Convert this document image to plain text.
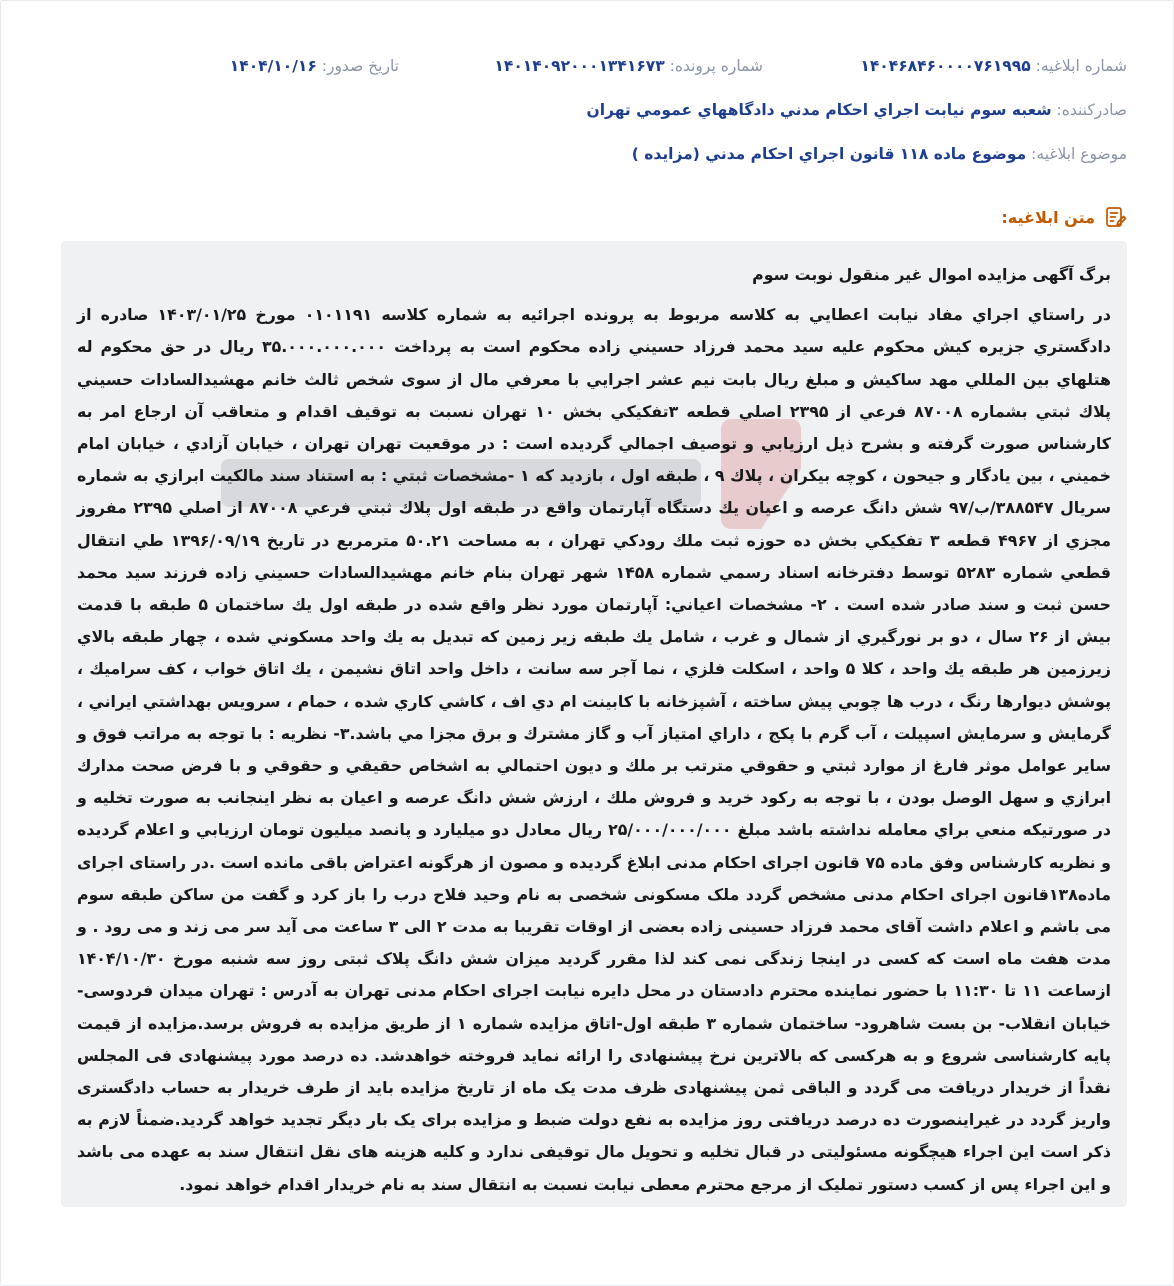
شماره ابلاغيه: ۱۴۰۴۶۸۴۶۰۰۰۰۷۶۱۹۹۵
شماره پرونده: ۱۴۰۱۴۰۹۲۰۰۰۱۳۴۱۶۷۳
تاريخ صدور: ۱۴۰۴/۱۰/۱۶
صادركننده: شعبه سوم نيابت اجراي احكام مدني دادگاههاي عمومي تهران
موضوع ابلاغيه: موضوع ماده ۱۱۸ قانون اجراي احكام مدني (مزايده )
متن ابلاغيه:

برگ آگهی مزايده اموال غير منقول نوبت سوم

در راستاي اجراي مفاد نيابت اعطايي به كلاسه مربوط به پرونده اجرائيه به شماره كلاسه ۰۱۰۱۱۹۱ مورخ ۱۴۰۳/۰۱/۲۵ صادره از دادگستري جزيره كيش محكوم عليه سيد محمد فرزاد حسيني زاده محكوم است به پرداخت ۳۵.۰۰۰.۰۰۰.۰۰۰ ريال در حق محكوم له هتلهاي بين المللي مهد ساكيش و مبلغ ريال بابت نيم عشر اجرايي با معرفي مال از سوی شخص ثالث خانم مهشيدالسادات حسيني پلاك ثبتي بشماره ۸۷۰۰۸ فرعي از ۲۳۹۵ اصلي قطعه ۳تفكيكي بخش ۱۰ تهران نسبت به توقيف اقدام و متعاقب آن ارجاع امر به كارشناس صورت گرفته و بشرح ذيل ارزيابي و توصيف اجمالي گرديده است : در موقعيت تهران تهران ، خيابان آزادي ، خيابان امام خميني ، بين يادگار و جيحون ، كوچه بيكران ، پلاك ۹ ، طبقه اول ، بازديد كه ۱ -مشخصات ثبتي : به استناد سند مالكيت ابرازي به شماره سريال ۳۸۸۵۴۷/ب/۹۷ شش دانگ عرصه و اعيان يك دستگاه آپارتمان واقع در طبقه اول پلاك ثبتي فرعي ۸۷۰۰۸ از اصلي ۲۳۹۵ مفروز مجزي از ۴۹۶۷ قطعه ۳ تفكيكي بخش ده حوزه ثبت ملك رودكي تهران ، به مساحت ۵۰.۲۱ مترمربع در تاريخ ۱۳۹۶/۰۹/۱۹ طي انتقال قطعي شماره ۵۲۸۳ توسط دفترخانه اسناد رسمي شماره ۱۴۵۸ شهر تهران بنام خانم مهشيدالسادات حسيني زاده فرزند سيد محمد حسن ثبت و سند صادر شده است . ۲- مشخصات اعياني: آپارتمان مورد نظر واقع شده در طبقه اول يك ساختمان ۵ طبقه با قدمت بيش از ۲۶ سال ، دو بر نورگيري از شمال و غرب ، شامل يك طبقه زير زمين كه تبديل به يك واحد مسكوني شده ، چهار طبقه بالاي زيرزمين هر طبقه يك واحد ، كلا ۵ واحد ، اسكلت فلزي ، نما آجر سه سانت ، داخل واحد اتاق نشيمن ، يك اتاق خواب ، كف سراميك ، پوشش ديوارها رنگ ، درب ها چوبي پيش ساخته ، آشپزخانه با كابينت ام دي اف ، كاشي كاري شده ، حمام ، سرويس بهداشتي ايراني ، گرمايش و سرمايش اسپيلت ، آب گرم با پكج ، داراي امتياز آب و گاز مشترك و برق مجزا مي باشد.۳- نظريه : با توجه به مراتب فوق و ساير عوامل موثر فارغ از موارد ثبتي و حقوقي مترتب بر ملك و ديون احتمالي به اشخاص حقيقي و حقوقي و با فرض صحت مدارك ابرازي و سهل الوصل بودن ، با توجه به ركود خريد و فروش ملك ، ارزش شش دانگ عرصه و اعيان به نظر اينجانب به صورت تخليه و در صورتيكه منعي براي معامله نداشته باشد مبلغ ۲۵/۰۰۰/۰۰۰/۰۰۰ ريال معادل دو ميليارد و پانصد ميليون تومان ارزيابي و اعلام گرديده و نظريه كارشناس وفق ماده ۷۵ قانون اجرای احکام مدنی ابلاغ گرديده و مصون از هرگونه اعتراض باقی مانده است .در راستای اجرای ماده۱۳۸قانون اجرای احکام مدنی مشخص گردد ملک مسکونی شخصی به نام وحید فلاح درب را باز کرد و گفت من ساکن طبقه سوم می باشم و اعلام داشت آقای محمد فرزاد حسینی زاده بعضی از اوقات تقریبا به مدت ۲ الی ۳ ساعت می آید سر می زند و می رود . و مدت هفت ماه است که کسی در اینجا زندگی نمی کند لذا مقرر گردید میزان شش دانگ پلاک ثبتی روز سه شنبه مورخ ۱۴۰۴/۱۰/۳۰ ازساعت ۱۱ تا ۱۱:۳۰ با حضور نماینده محترم دادستان در محل دایره نیابت اجرای احکام مدنی تهران به آدرس : تهران میدان فردوسی-خیابان انقلاب- بن بست شاهرود- ساختمان شماره ۳ طبقه اول-اتاق مزایده شماره ۱ از طریق مزایده به فروش برسد.مزایده از قیمت پایه کارشناسی شروع و به هرکسی که بالاترین نرخ پیشنهادی را ارائه نماید فروخته خواهدشد. ده درصد مورد پیشنهادی فی المجلس نقداً از خریدار دریافت می گردد و الباقی ثمن پیشنهادی ظرف مدت یک ماه از تاریخ مزایده باید از طرف خریدار به حساب دادگستری واریز گردد در غیراینصورت ده درصد دریافتی روز مزایده به نفع دولت ضبط و مزایده برای یک بار دیگر تجدید خواهد گردید.ضمناً لازم به ذکر است این اجراء هیچگونه مسئولیتی در قبال تخلیه و تحویل مال توقیفی ندارد و کلیه هزینه های نقل انتقال سند به عهده می باشد و این اجراء پس از کسب دستور تملیک از مرجع محترم معطی نیابت نسبت به انتقال سند به نام خریدار اقدام خواهد نمود.
